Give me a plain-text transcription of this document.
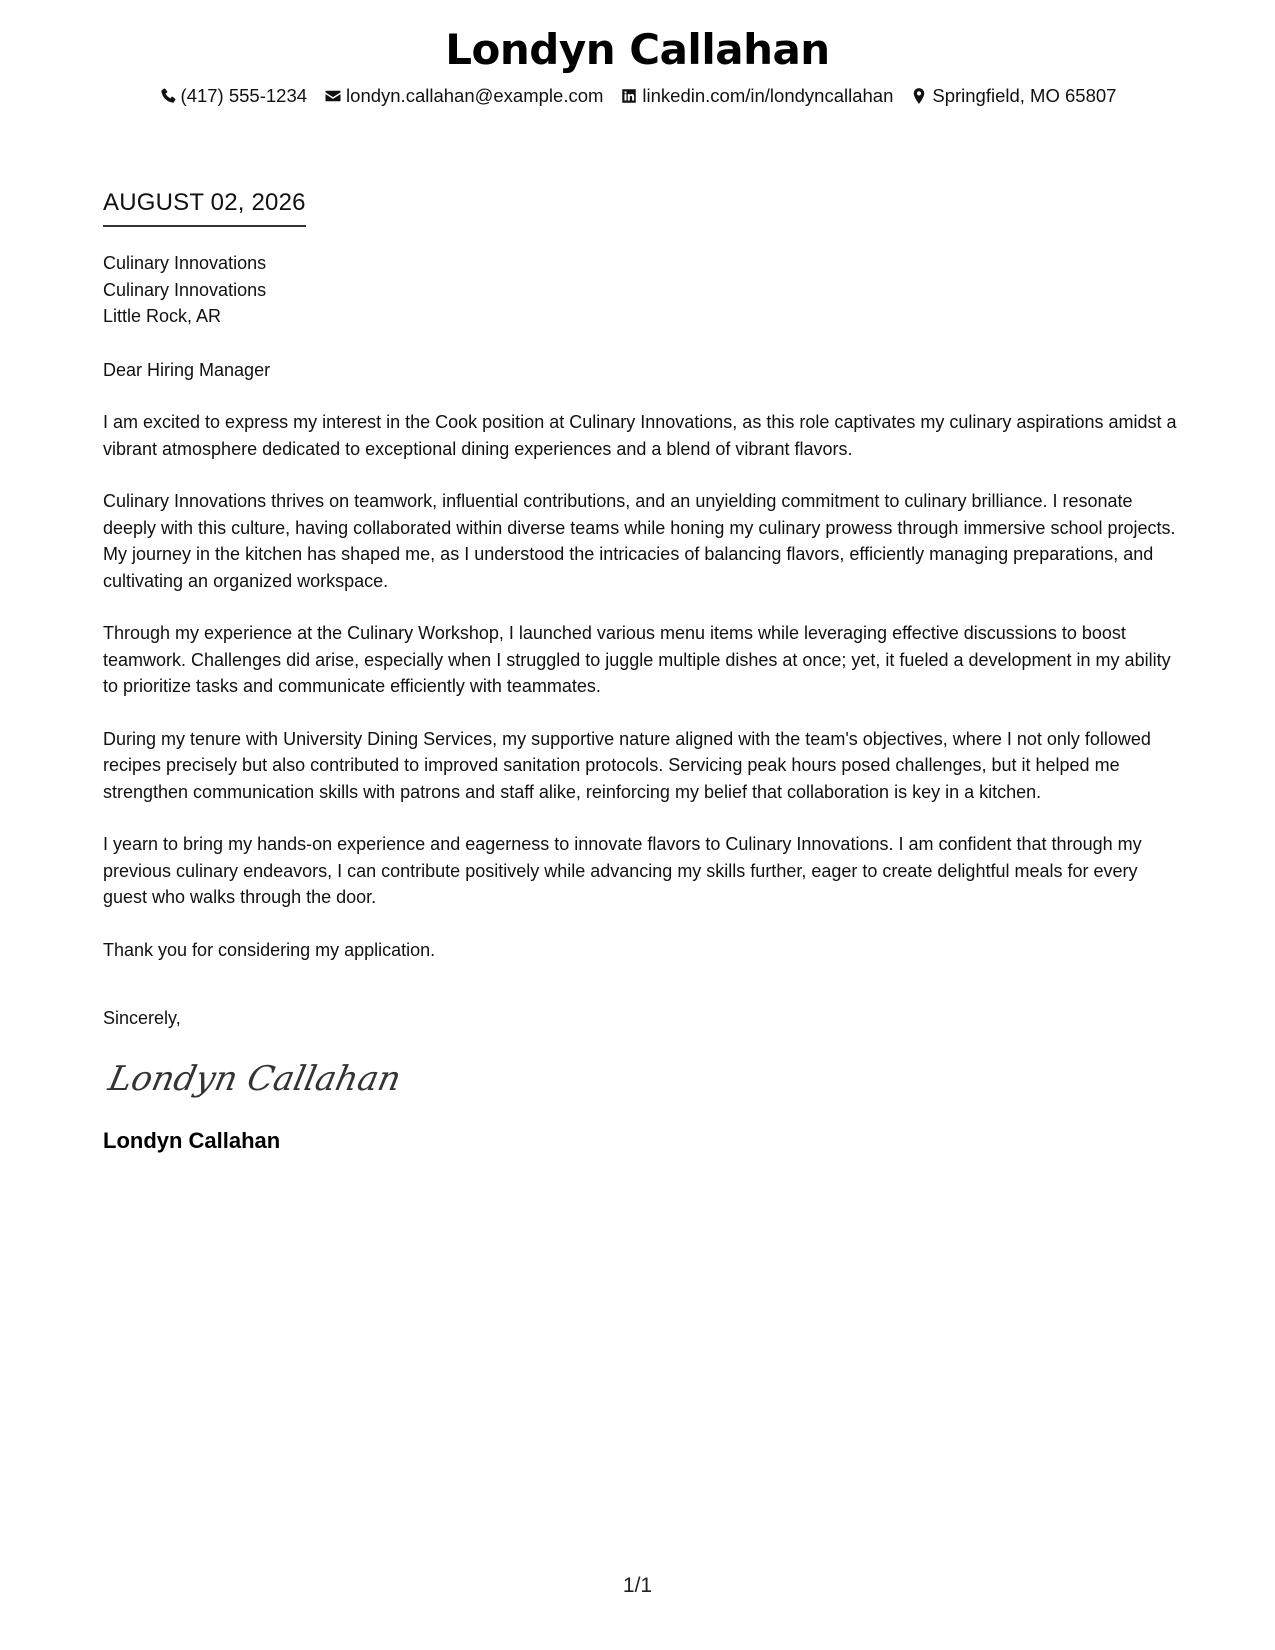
Londyn Callahan
(417) 555-1234 londyn.callahan@example.com linkedin.com/in/londyncallahan Springfield, MO 65807
AUGUST 02, 2026

Culinary Innovations

Culinary Innovations

Little Rock, AR

Dear Hiring Manager

I am excited to express my interest in the Cook position at Culinary Innovations, as this role captivates my culinary aspirations amidst a vibrant atmosphere dedicated to exceptional dining experiences and a blend of vibrant flavors.

Culinary Innovations thrives on teamwork, influential contributions, and an unyielding commitment to culinary brilliance. I resonate deeply with this culture, having collaborated within diverse teams while honing my culinary prowess through immersive school projects. My journey in the kitchen has shaped me, as I understood the intricacies of balancing flavors, efficiently managing preparations, and cultivating an organized workspace.

Through my experience at the Culinary Workshop, I launched various menu items while leveraging effective discussions to boost teamwork. Challenges did arise, especially when I struggled to juggle multiple dishes at once; yet, it fueled a development in my ability to prioritize tasks and communicate efficiently with teammates.

During my tenure with University Dining Services, my supportive nature aligned with the team's objectives, where I not only followed recipes precisely but also contributed to improved sanitation protocols. Servicing peak hours posed challenges, but it helped me strengthen communication skills with patrons and staff alike, reinforcing my belief that collaboration is key in a kitchen.

I yearn to bring my hands-on experience and eagerness to innovate flavors to Culinary Innovations. I am confident that through my previous culinary endeavors, I can contribute positively while advancing my skills further, eager to create delightful meals for every guest who walks through the door.

Thank you for considering my application.

Sincerely,

Londyn Callahan

Londyn Callahan

1/1
